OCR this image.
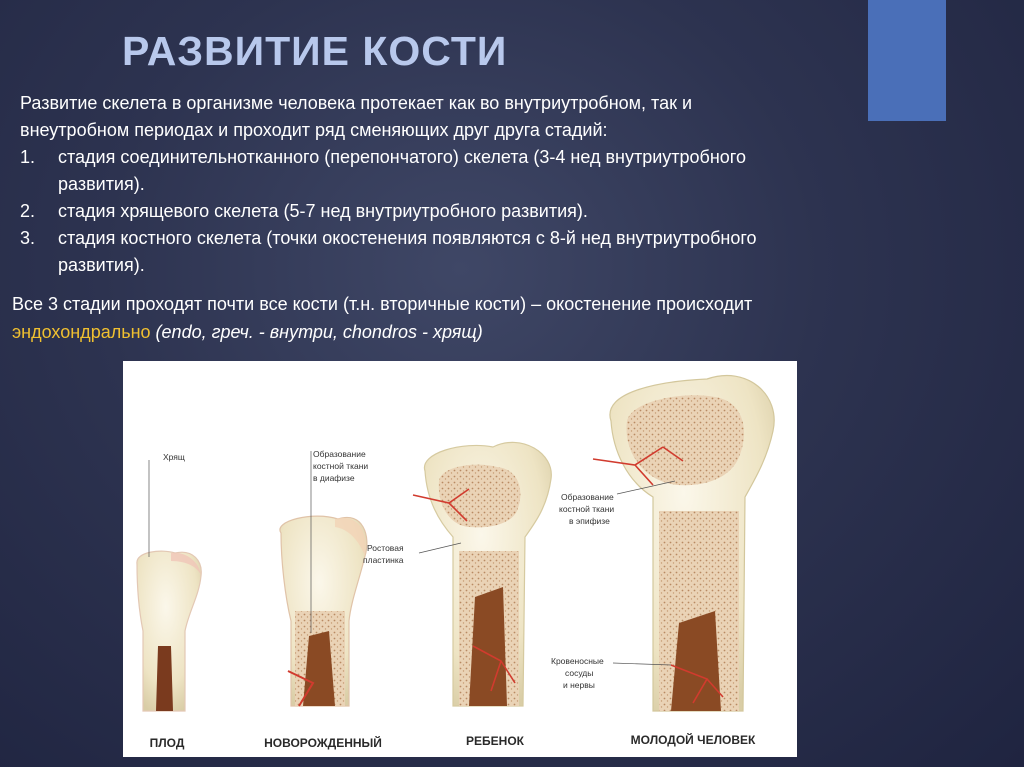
РАЗВИТИЕ КОСТИ

Развитие скелета в организме человека протекает как во внутриутробном, так и
внеутробном периодах и проходит ряд сменяющих друг друга стадий:

1. стадия соединительнотканного (перепончатого) скелета (3-4 нед внутриутробного
развития).
2. стадия хрящевого скелета (5-7 нед внутриутробного развития).
3. стадия костного скелета (точки окостенения появляются с 8-й нед внутриутробного
развития).

Все 3 стадии проходят почти все кости (т.н. вторичные кости) – окостенение происходит
эндохондрально (endo, греч. - внутри, chondros - хрящ)

Хрящ	Образование
костной ткани
в диафизе
Ростовая
пластинка
Образование
костной ткани
в эпифизе
Кровеносные
сосуды
и нервы
ПЛОД	НОВОРОЖДЕННЫЙ	РЕБЕНОК	МОЛОДОЙ ЧЕЛОВЕК
